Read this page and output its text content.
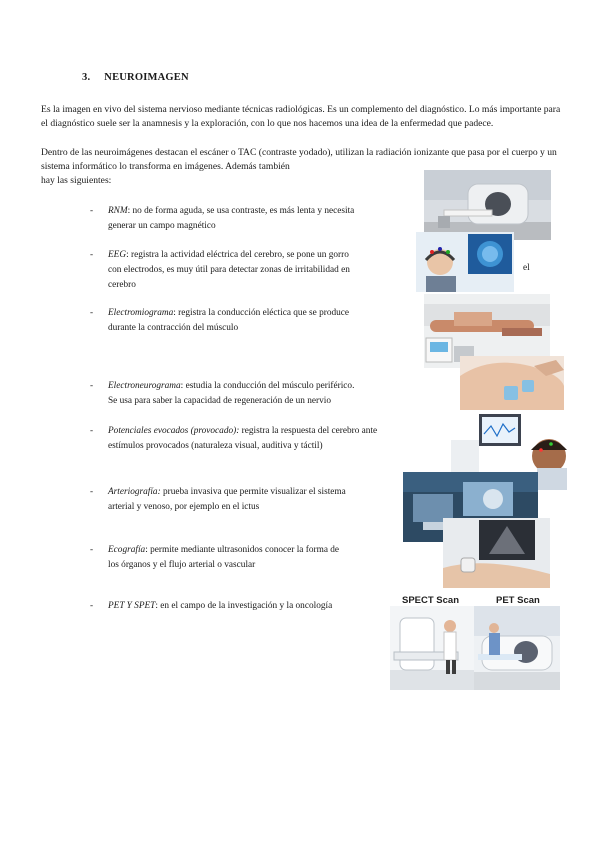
3. NEUROIMAGEN
Es la imagen en vivo del sistema nervioso mediante técnicas radiológicas. Es un complemento del diagnóstico. Lo más importante para el diagnóstico suele ser la anamnesis y la exploración, con lo que nos hacemos una idea de la enfermedad que padece.
Dentro de las neuroimágenes destacan el escáner o TAC (contraste yodado), utilizan la radiación ionizante que pasa por el cuerpo y un sistema informático lo transforma en imágenes. Además también
hay las siguientes:
- RNM: no de forma aguda, se usa contraste, es más lenta y necesita
generar un campo magnético
- EEG: registra la actividad eléctrica del cerebro, se pone un gorro
con electrodos, es muy útil para detectar zonas de irritabilidad en
cerebro
el
- Electromiograma: registra la conducción eléctica que se produce
durante la contracción del músculo
- Electroneurograma: estudia la conducción del músculo periférico.
Se usa para saber la capacidad de regeneración de un nervio
- Potenciales evocados (provocado): registra la respuesta del cerebro ante
estímulos provocados (naturaleza visual, auditiva y táctil)
- Arteriografía: prueba invasiva que permite visualizar el sistema
arterial y venoso, por ejemplo en el ictus
- Ecografía: permite mediante ultrasonidos conocer la forma de
los órganos y el flujo arterial o vascular
- PET Y SPET: en el campo de la investigación y la oncología	SPECT Scan	PET Scan
